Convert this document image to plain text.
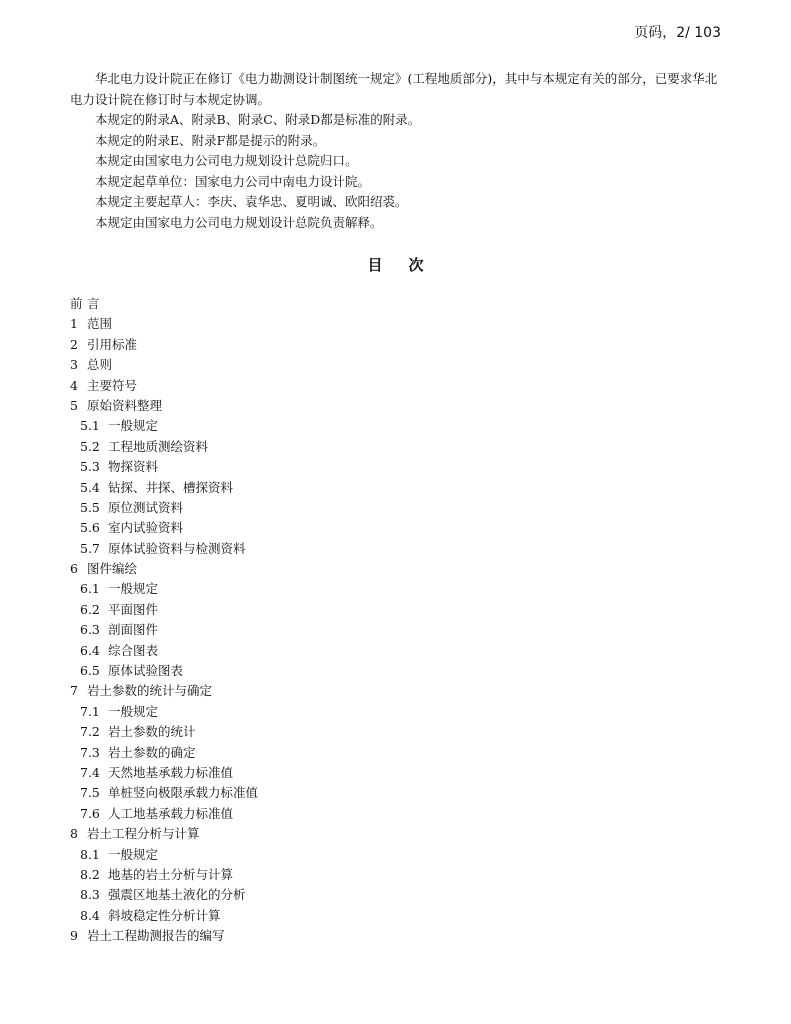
页码，2/ 103

华北电力设计院正在修订《电力勘测设计制图统一规定》(工程地质部分)，其中与本规定有关的部分，已要求华北电力设计院在修订时与本规定协调。

本规定的附录A、附录B、附录C、附录D都是标准的附录。

本规定的附录E、附录F都是提示的附录。

本规定由国家电力公司电力规划设计总院归口。

本规定起草单位：国家电力公司中南电力设计院。

本规定主要起草人：李庆、袁华忠、夏明诚、欧阳绍裘。

本规定由国家电力公司电力规划设计总院负责解释。

目次
前 言
1 范围
2 引用标准
3 总则
4 主要符号
5 原始资料整理
5.1 一般规定
5.2 工程地质测绘资料
5.3 物探资料
5.4 钻探、井探、槽探资料
5.5 原位测试资料
5.6 室内试验资料
5.7 原体试验资料与检测资料
6 图件编绘
6.1 一般规定
6.2 平面图件
6.3 剖面图件
6.4 综合图表
6.5 原体试验图表
7 岩土参数的统计与确定
7.1 一般规定
7.2 岩土参数的统计
7.3 岩土参数的确定
7.4 天然地基承载力标准值
7.5 单桩竖向极限承载力标准值
7.6 人工地基承载力标准值
8 岩土工程分析与计算
8.1 一般规定
8.2 地基的岩土分析与计算
8.3 强震区地基土液化的分析
8.4 斜坡稳定性分析计算
9 岩土工程勘测报告的编写
